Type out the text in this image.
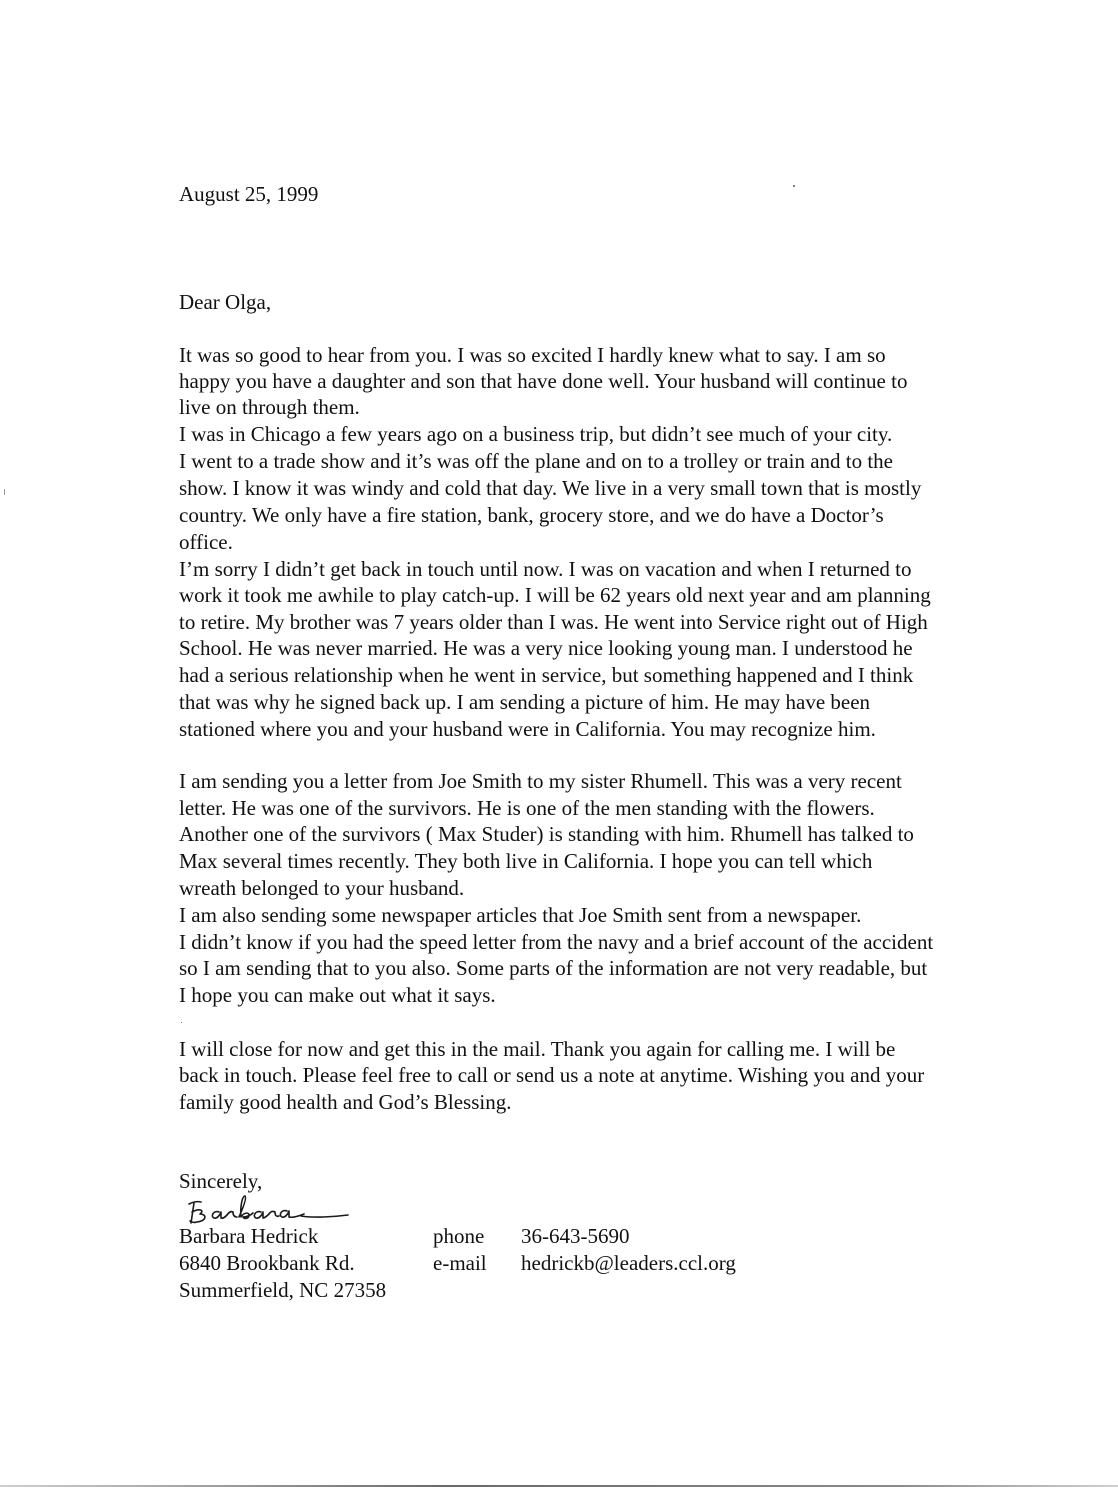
August 25, 1999
Dear Olga,
It was so good to hear from you. I was so excited I hardly knew what to say. I am so
happy you have a daughter and son that have done well. Your husband will continue to
live on through them.
I was in Chicago a few years ago on a business trip, but didn’t see much of your city.
I went to a trade show and it’s was off the plane and on to a trolley or train and to the
show. I know it was windy and cold that day. We live in a very small town that is mostly
country. We only have a fire station, bank, grocery store, and we do have a Doctor’s
office.
I’m sorry I didn’t get back in touch until now. I was on vacation and when I returned to
work it took me awhile to play catch-up. I will be 62 years old next year and am planning
to retire. My brother was 7 years older than I was. He went into Service right out of High
School. He was never married. He was a very nice looking young man. I understood he
had a serious relationship when he went in service, but something happened and I think
that was why he signed back up. I am sending a picture of him. He may have been
stationed where you and your husband were in California. You may recognize him.
I am sending you a letter from Joe Smith to my sister Rhumell. This was a very recent
letter. He was one of the survivors. He is one of the men standing with the flowers.
Another one of the survivors ( Max Studer) is standing with him. Rhumell has talked to
Max several times recently. They both live in California. I hope you can tell which
wreath belonged to your husband.
I am also sending some newspaper articles that Joe Smith sent from a newspaper.
I didn’t know if you had the speed letter from the navy and a brief account of the accident
so I am sending that to you also. Some parts of the information are not very readable, but
I hope you can make out what it says.
I will close for now and get this in the mail. Thank you again for calling me. I will be
back in touch. Please feel free to call or send us a note at anytime. Wishing you and your
family good health and God’s Blessing.
Sincerely,
Barbara Hedrick
6840 Brookbank Rd.
Summerfield, NC 27358
phone 36-643-5690
e-mail hedrickb@leaders.ccl.org
